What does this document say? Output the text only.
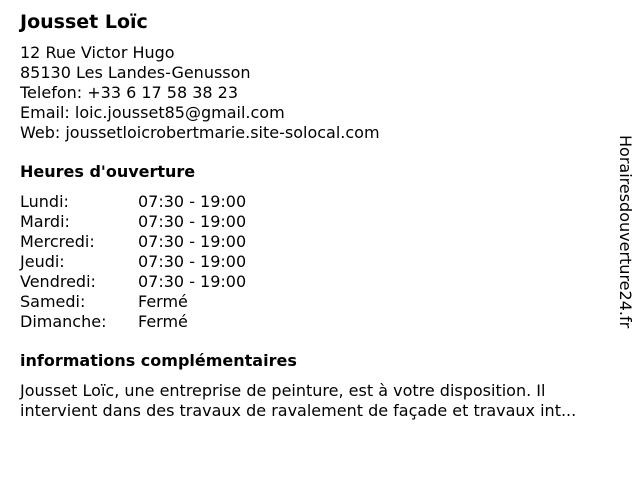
Jousset Loïc
12 Rue Victor Hugo
85130 Les Landes-Genusson
Telefon: +33 6 17 58 38 23
Email: loic.jousset85@gmail.com
Web: joussetloicrobertmarie.site-solocal.com
Heures d'ouverture
Lundi:	07:30 - 19:00
Mardi:	07:30 - 19:00
Mercredi:	07:30 - 19:00
Jeudi:	07:30 - 19:00
Vendredi:	07:30 - 19:00
Samedi:	Fermé
Dimanche:	Fermé
informations complémentaires
Jousset Loïc, une entreprise de peinture, est à votre disposition. Il intervient dans des travaux de ravalement de façade et travaux int...
Horairesdouverture24.fr
